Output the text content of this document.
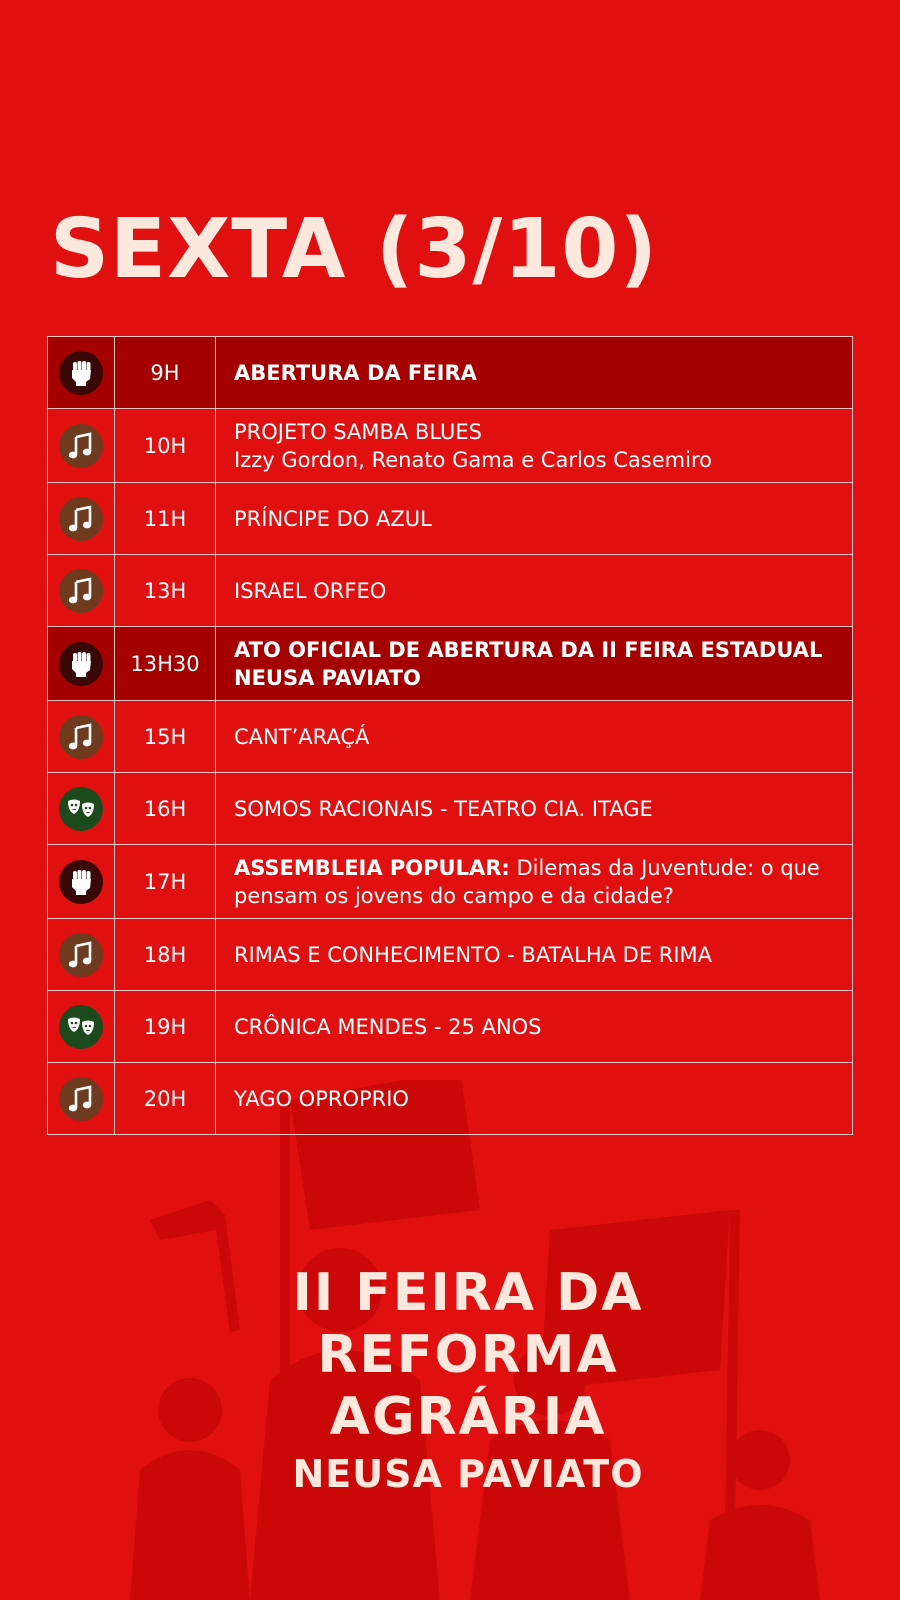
SEXTA (3/10)
	9H	ABERTURA DA FEIRA

	10H	PROJETO SAMBA BLUES
Izzy Gordon, Renato Gama e Carlos Casemiro

	11H	PRÍNCIPE DO AZUL

	13H	ISRAEL ORFEO

	13H30	ATO OFICIAL DE ABERTURA DA II FEIRA ESTADUAL NEUSA PAVIATO

	15H	CANT’ARAÇÁ

	16H	SOMOS RACIONAIS - TEATRO CIA. ITAGE

	17H	ASSEMBLEIA POPULAR: Dilemas da Juventude: o que pensam os jovens do campo e da cidade?

	18H	RIMAS E CONHECIMENTO - BATALHA DE RIMA

	19H	CRÔNICA MENDES - 25 ANOS

	20H	YAGO OPROPRIO
II FEIRA DA
REFORMA
AGRÁRIA
NEUSA PAVIATO
